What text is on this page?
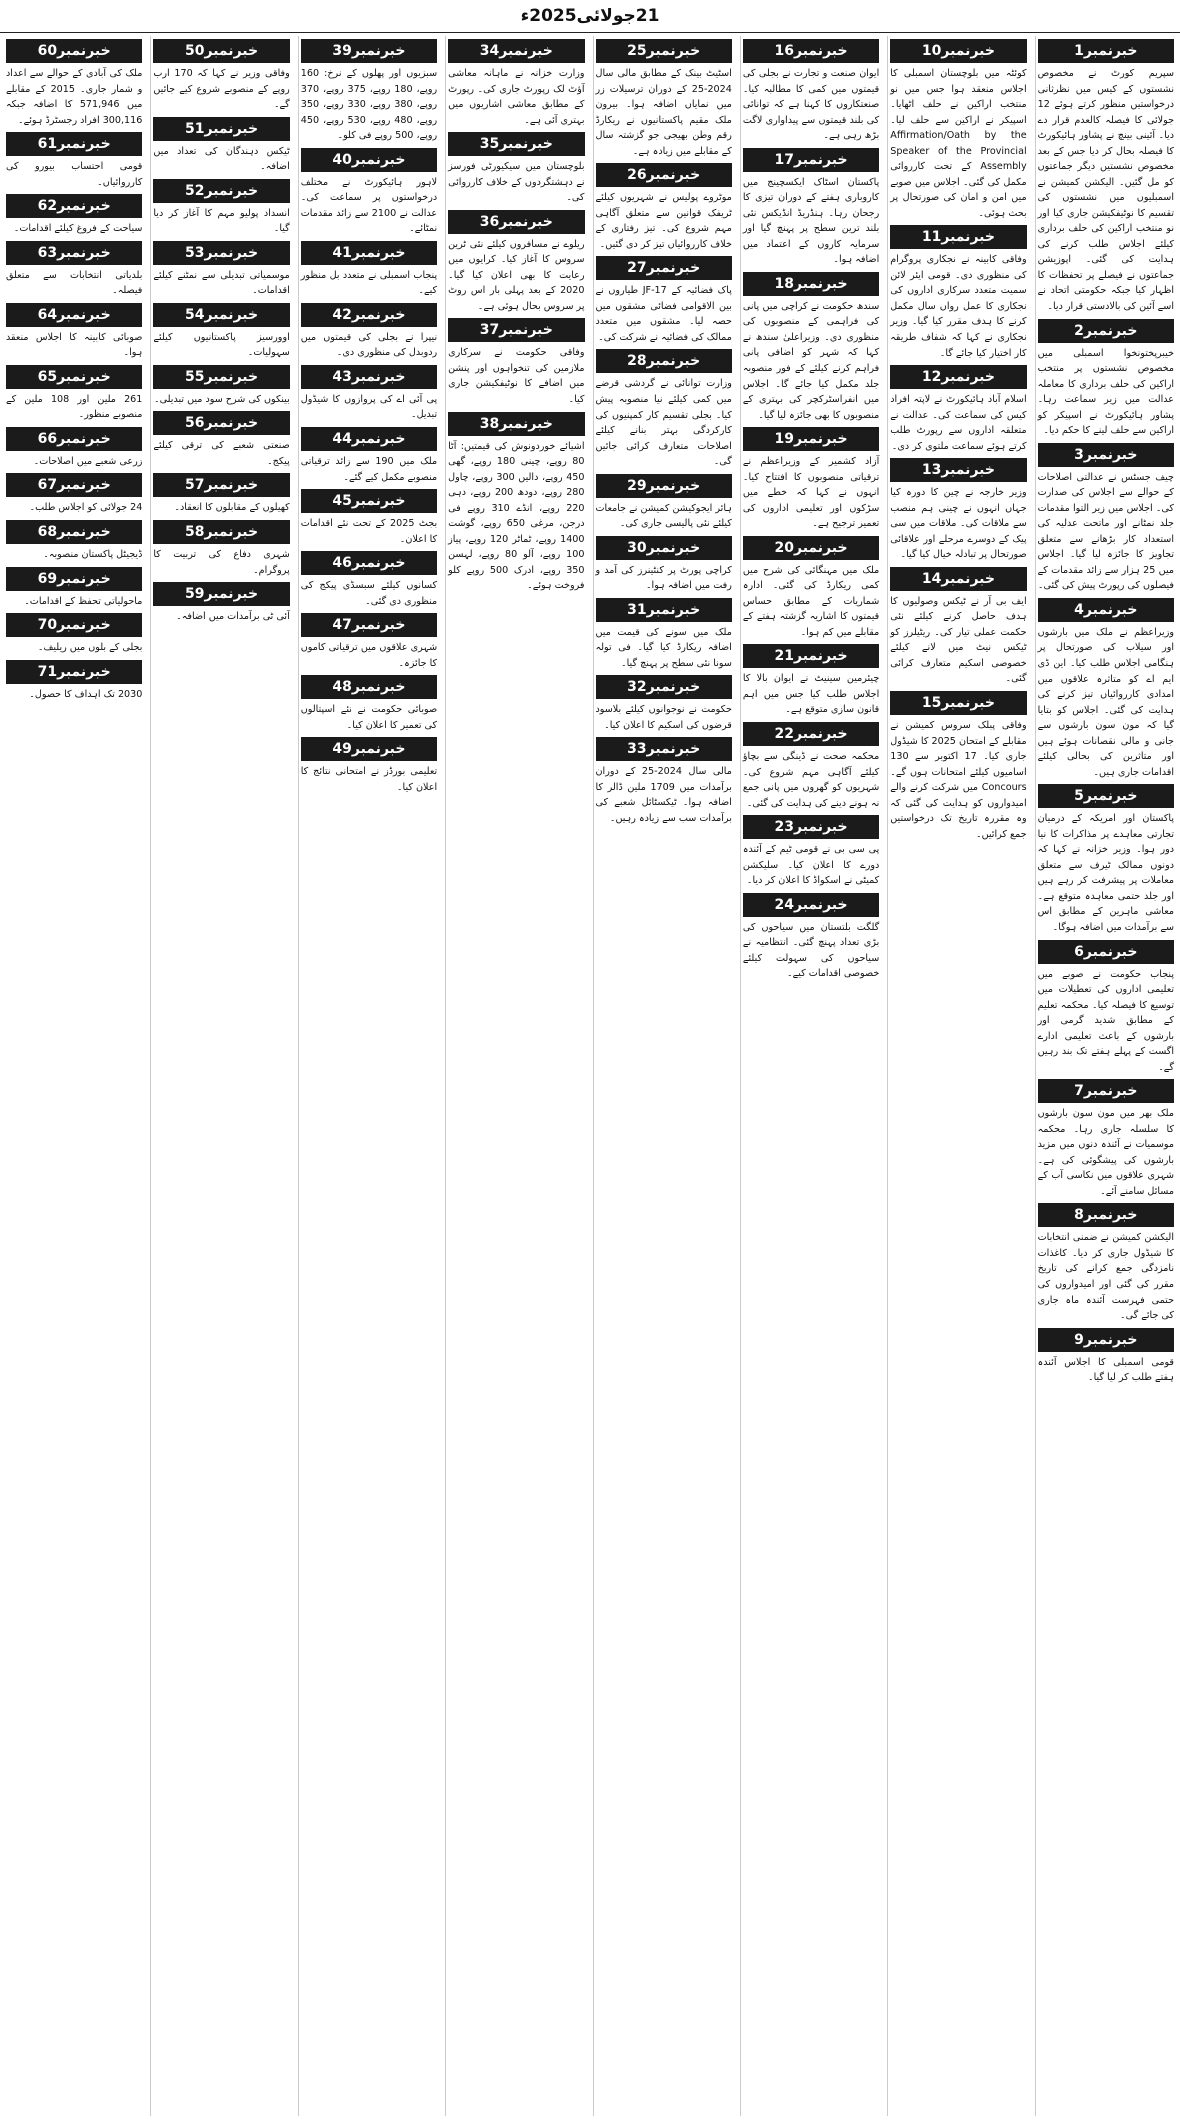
21جولائی2025ء
خبرنمبر1

سپریم کورٹ نے مخصوص نشستوں کے کیس میں نظرثانی درخواستیں منظور کرتے ہوئے 12 جولائی کا فیصلہ کالعدم قرار دے دیا۔ آئینی بینچ نے پشاور ہائیکورٹ کا فیصلہ بحال کر دیا جس کے بعد مخصوص نشستیں دیگر جماعتوں کو مل گئیں۔ الیکشن کمیشن نے اسمبلیوں میں نشستوں کی تقسیم کا نوٹیفکیشن جاری کیا اور نو منتخب اراکین کی حلف برداری کیلئے اجلاس طلب کرنے کی ہدایت کی گئی۔ اپوزیشن جماعتوں نے فیصلے پر تحفظات کا اظہار کیا جبکہ حکومتی اتحاد نے اسے آئین کی بالادستی قرار دیا۔

خبرنمبر2

خیبرپختونخوا اسمبلی میں مخصوص نشستوں پر منتخب اراکین کی حلف برداری کا معاملہ عدالت میں زیر سماعت رہا۔ پشاور ہائیکورٹ نے اسپیکر کو اراکین سے حلف لینے کا حکم دیا۔

خبرنمبر3

چیف جسٹس نے عدالتی اصلاحات کے حوالے سے اجلاس کی صدارت کی۔ اجلاس میں زیر التوا مقدمات جلد نمٹانے اور ماتحت عدلیہ کی استعداد کار بڑھانے سے متعلق تجاویز کا جائزہ لیا گیا۔ اجلاس میں 25 ہزار سے زائد مقدمات کے فیصلوں کی رپورٹ پیش کی گئی۔

خبرنمبر4

وزیراعظم نے ملک میں بارشوں اور سیلاب کی صورتحال پر ہنگامی اجلاس طلب کیا۔ این ڈی ایم اے کو متاثرہ علاقوں میں امدادی کارروائیاں تیز کرنے کی ہدایت کی گئی۔ اجلاس کو بتایا گیا کہ مون سون بارشوں سے جانی و مالی نقصانات ہوئے ہیں اور متاثرین کی بحالی کیلئے اقدامات جاری ہیں۔

خبرنمبر5

پاکستان اور امریکہ کے درمیان تجارتی معاہدے پر مذاکرات کا نیا دور ہوا۔ وزیر خزانہ نے کہا کہ دونوں ممالک ٹیرف سے متعلق معاملات پر پیشرفت کر رہے ہیں اور جلد حتمی معاہدہ متوقع ہے۔ معاشی ماہرین کے مطابق اس سے برآمدات میں اضافہ ہوگا۔

خبرنمبر6

پنجاب حکومت نے صوبے میں تعلیمی اداروں کی تعطیلات میں توسیع کا فیصلہ کیا۔ محکمہ تعلیم کے مطابق شدید گرمی اور بارشوں کے باعث تعلیمی ادارے اگست کے پہلے ہفتے تک بند رہیں گے۔

خبرنمبر7

ملک بھر میں مون سون بارشوں کا سلسلہ جاری رہا۔ محکمہ موسمیات نے آئندہ دنوں میں مزید بارشوں کی پیشگوئی کی ہے۔ شہری علاقوں میں نکاسی آب کے مسائل سامنے آئے۔

خبرنمبر8

الیکشن کمیشن نے ضمنی انتخابات کا شیڈول جاری کر دیا۔ کاغذات نامزدگی جمع کرانے کی تاریخ مقرر کی گئی اور امیدواروں کی حتمی فہرست آئندہ ماہ جاری کی جائے گی۔

خبرنمبر9

قومی اسمبلی کا اجلاس آئندہ ہفتے طلب کر لیا گیا۔

خبرنمبر10

کوئٹہ میں بلوچستان اسمبلی کا اجلاس منعقد ہوا جس میں نو منتخب اراکین نے حلف اٹھایا۔ اسپیکر نے اراکین سے حلف لیا۔ Affirmation/Oath by the Speaker of the Provincial Assembly کے تحت کارروائی مکمل کی گئی۔ اجلاس میں صوبے میں امن و امان کی صورتحال پر بحث ہوئی۔

خبرنمبر11

وفاقی کابینہ نے نجکاری پروگرام کی منظوری دی۔ قومی ایئر لائن سمیت متعدد سرکاری اداروں کی نجکاری کا عمل رواں سال مکمل کرنے کا ہدف مقرر کیا گیا۔ وزیر نجکاری نے کہا کہ شفاف طریقہ کار اختیار کیا جائے گا۔

خبرنمبر12

اسلام آباد ہائیکورٹ نے لاپتہ افراد کیس کی سماعت کی۔ عدالت نے متعلقہ اداروں سے رپورٹ طلب کرتے ہوئے سماعت ملتوی کر دی۔

خبرنمبر13

وزیر خارجہ نے چین کا دورہ کیا جہاں انہوں نے چینی ہم منصب سے ملاقات کی۔ ملاقات میں سی پیک کے دوسرے مرحلے اور علاقائی صورتحال پر تبادلہ خیال کیا گیا۔

خبرنمبر14

ایف بی آر نے ٹیکس وصولیوں کا ہدف حاصل کرنے کیلئے نئی حکمت عملی تیار کی۔ ریٹیلرز کو ٹیکس نیٹ میں لانے کیلئے خصوصی اسکیم متعارف کرائی گئی۔

خبرنمبر15

وفاقی پبلک سروس کمیشن نے مقابلے کے امتحان 2025 کا شیڈول جاری کیا۔ 17 اکتوبر سے 130 اسامیوں کیلئے امتحانات ہوں گے۔ Concours میں شرکت کرنے والے امیدواروں کو ہدایت کی گئی کہ وہ مقررہ تاریخ تک درخواستیں جمع کرائیں۔

خبرنمبر16

ایوان صنعت و تجارت نے بجلی کی قیمتوں میں کمی کا مطالبہ کیا۔ صنعتکاروں کا کہنا ہے کہ توانائی کی بلند قیمتوں سے پیداواری لاگت بڑھ رہی ہے۔

خبرنمبر17

پاکستان اسٹاک ایکسچینج میں کاروباری ہفتے کے دوران تیزی کا رجحان رہا۔ ہنڈریڈ انڈیکس نئی بلند ترین سطح پر پہنچ گیا اور سرمایہ کاروں کے اعتماد میں اضافہ ہوا۔

خبرنمبر18

سندھ حکومت نے کراچی میں پانی کی فراہمی کے منصوبوں کی منظوری دی۔ وزیراعلیٰ سندھ نے کہا کہ شہر کو اضافی پانی فراہم کرنے کیلئے کے فور منصوبہ جلد مکمل کیا جائے گا۔ اجلاس میں انفراسٹرکچر کی بہتری کے منصوبوں کا بھی جائزہ لیا گیا۔

خبرنمبر19

آزاد کشمیر کے وزیراعظم نے ترقیاتی منصوبوں کا افتتاح کیا۔ انہوں نے کہا کہ خطے میں سڑکوں اور تعلیمی اداروں کی تعمیر ترجیح ہے۔

خبرنمبر20

ملک میں مہنگائی کی شرح میں کمی ریکارڈ کی گئی۔ ادارہ شماریات کے مطابق حساس قیمتوں کا اشاریہ گزشتہ ہفتے کے مقابلے میں کم ہوا۔

خبرنمبر21

چیئرمین سینیٹ نے ایوان بالا کا اجلاس طلب کیا جس میں اہم قانون سازی متوقع ہے۔

خبرنمبر22

محکمہ صحت نے ڈینگی سے بچاؤ کیلئے آگاہی مہم شروع کی۔ شہریوں کو گھروں میں پانی جمع نہ ہونے دینے کی ہدایت کی گئی۔

خبرنمبر23

پی سی بی نے قومی ٹیم کے آئندہ دورے کا اعلان کیا۔ سلیکشن کمیٹی نے اسکواڈ کا اعلان کر دیا۔

خبرنمبر24

گلگت بلتستان میں سیاحوں کی بڑی تعداد پہنچ گئی۔ انتظامیہ نے سیاحوں کی سہولت کیلئے خصوصی اقدامات کیے۔

خبرنمبر25

اسٹیٹ بینک کے مطابق مالی سال 2024-25 کے دوران ترسیلات زر میں نمایاں اضافہ ہوا۔ بیرون ملک مقیم پاکستانیوں نے ریکارڈ رقم وطن بھیجی جو گزشتہ سال کے مقابلے میں زیادہ ہے۔

خبرنمبر26

موٹروے پولیس نے شہریوں کیلئے ٹریفک قوانین سے متعلق آگاہی مہم شروع کی۔ تیز رفتاری کے خلاف کارروائیاں تیز کر دی گئیں۔

خبرنمبر27

پاک فضائیہ کے JF-17 طیاروں نے بین الاقوامی فضائی مشقوں میں حصہ لیا۔ مشقوں میں متعدد ممالک کی فضائیہ نے شرکت کی۔

خبرنمبر28

وزارت توانائی نے گردشی قرضے میں کمی کیلئے نیا منصوبہ پیش کیا۔ بجلی تقسیم کار کمپنیوں کی کارکردگی بہتر بنانے کیلئے اصلاحات متعارف کرائی جائیں گی۔

خبرنمبر29

ہائر ایجوکیشن کمیشن نے جامعات کیلئے نئی پالیسی جاری کی۔

خبرنمبر30

کراچی پورٹ پر کنٹینرز کی آمد و رفت میں اضافہ ہوا۔

خبرنمبر31

ملک میں سونے کی قیمت میں اضافہ ریکارڈ کیا گیا۔ فی تولہ سونا نئی سطح پر پہنچ گیا۔

خبرنمبر32

حکومت نے نوجوانوں کیلئے بلاسود قرضوں کی اسکیم کا اعلان کیا۔

خبرنمبر33

مالی سال 2024-25 کے دوران برآمدات میں 1709 ملین ڈالر کا اضافہ ہوا۔ ٹیکسٹائل شعبے کی برآمدات سب سے زیادہ رہیں۔

خبرنمبر34

وزارت خزانہ نے ماہانہ معاشی آؤٹ لک رپورٹ جاری کی۔ رپورٹ کے مطابق معاشی اشاریوں میں بہتری آئی ہے۔

خبرنمبر35

بلوچستان میں سیکیورٹی فورسز نے دہشتگردوں کے خلاف کارروائی کی۔

خبرنمبر36

ریلوے نے مسافروں کیلئے نئی ٹرین سروس کا آغاز کیا۔ کرایوں میں رعایت کا بھی اعلان کیا گیا۔ 2020 کے بعد پہلی بار اس روٹ پر سروس بحال ہوئی ہے۔

خبرنمبر37

وفاقی حکومت نے سرکاری ملازمین کی تنخواہوں اور پنشن میں اضافے کا نوٹیفکیشن جاری کیا۔

خبرنمبر38

اشیائے خوردونوش کی قیمتیں: آٹا 80 روپے، چینی 180 روپے، گھی 450 روپے، دالیں 300 روپے، چاول 280 روپے، دودھ 200 روپے، دہی 220 روپے، انڈے 310 روپے فی درجن، مرغی 650 روپے، گوشت 1400 روپے، ٹماٹر 120 روپے، پیاز 100 روپے، آلو 80 روپے، لہسن 350 روپے، ادرک 500 روپے کلو فروخت ہوئے۔

خبرنمبر39

سبزیوں اور پھلوں کے نرخ: 160 روپے، 180 روپے، 375 روپے، 370 روپے، 380 روپے، 330 روپے، 350 روپے، 480 روپے، 530 روپے، 450 روپے، 500 روپے فی کلو۔

خبرنمبر40

لاہور ہائیکورٹ نے مختلف درخواستوں پر سماعت کی۔ عدالت نے 2100 سے زائد مقدمات نمٹائے۔

خبرنمبر41

پنجاب اسمبلی نے متعدد بل منظور کیے۔

خبرنمبر42

نیپرا نے بجلی کی قیمتوں میں ردوبدل کی منظوری دی۔

خبرنمبر43

پی آئی اے کی پروازوں کا شیڈول تبدیل۔

خبرنمبر44

ملک میں 190 سے زائد ترقیاتی منصوبے مکمل کیے گئے۔

خبرنمبر45

بجٹ 2025 کے تحت نئے اقدامات کا اعلان۔

خبرنمبر46

کسانوں کیلئے سبسڈی پیکج کی منظوری دی گئی۔

خبرنمبر47

شہری علاقوں میں ترقیاتی کاموں کا جائزہ۔

خبرنمبر48

صوبائی حکومت نے نئے اسپتالوں کی تعمیر کا اعلان کیا۔

خبرنمبر49

تعلیمی بورڈز نے امتحانی نتائج کا اعلان کیا۔

خبرنمبر50

وفاقی وزیر نے کہا کہ 170 ارب روپے کے منصوبے شروع کیے جائیں گے۔

خبرنمبر51

ٹیکس دہندگان کی تعداد میں اضافہ۔

خبرنمبر52

انسداد پولیو مہم کا آغاز کر دیا گیا۔

خبرنمبر53

موسمیاتی تبدیلی سے نمٹنے کیلئے اقدامات۔

خبرنمبر54

اوورسیز پاکستانیوں کیلئے سہولیات۔

خبرنمبر55

بینکوں کی شرح سود میں تبدیلی۔

خبرنمبر56

صنعتی شعبے کی ترقی کیلئے پیکج۔

خبرنمبر57

کھیلوں کے مقابلوں کا انعقاد۔

خبرنمبر58

شہری دفاع کی تربیت کا پروگرام۔

خبرنمبر59

آئی ٹی برآمدات میں اضافہ۔

خبرنمبر60

ملک کی آبادی کے حوالے سے اعداد و شمار جاری۔ 2015 کے مقابلے میں 571,946 کا اضافہ جبکہ 300,116 افراد رجسٹرڈ ہوئے۔

خبرنمبر61

قومی احتساب بیورو کی کارروائیاں۔

خبرنمبر62

سیاحت کے فروغ کیلئے اقدامات۔

خبرنمبر63

بلدیاتی انتخابات سے متعلق فیصلہ۔

خبرنمبر64

صوبائی کابینہ کا اجلاس منعقد ہوا۔

خبرنمبر65

261 ملین اور 108 ملین کے منصوبے منظور۔

خبرنمبر66

زرعی شعبے میں اصلاحات۔

خبرنمبر67

24 جولائی کو اجلاس طلب۔

خبرنمبر68

ڈیجیٹل پاکستان منصوبہ۔

خبرنمبر69

ماحولیاتی تحفظ کے اقدامات۔

خبرنمبر70

بجلی کے بلوں میں ریلیف۔

خبرنمبر71

2030 تک اہداف کا حصول۔
